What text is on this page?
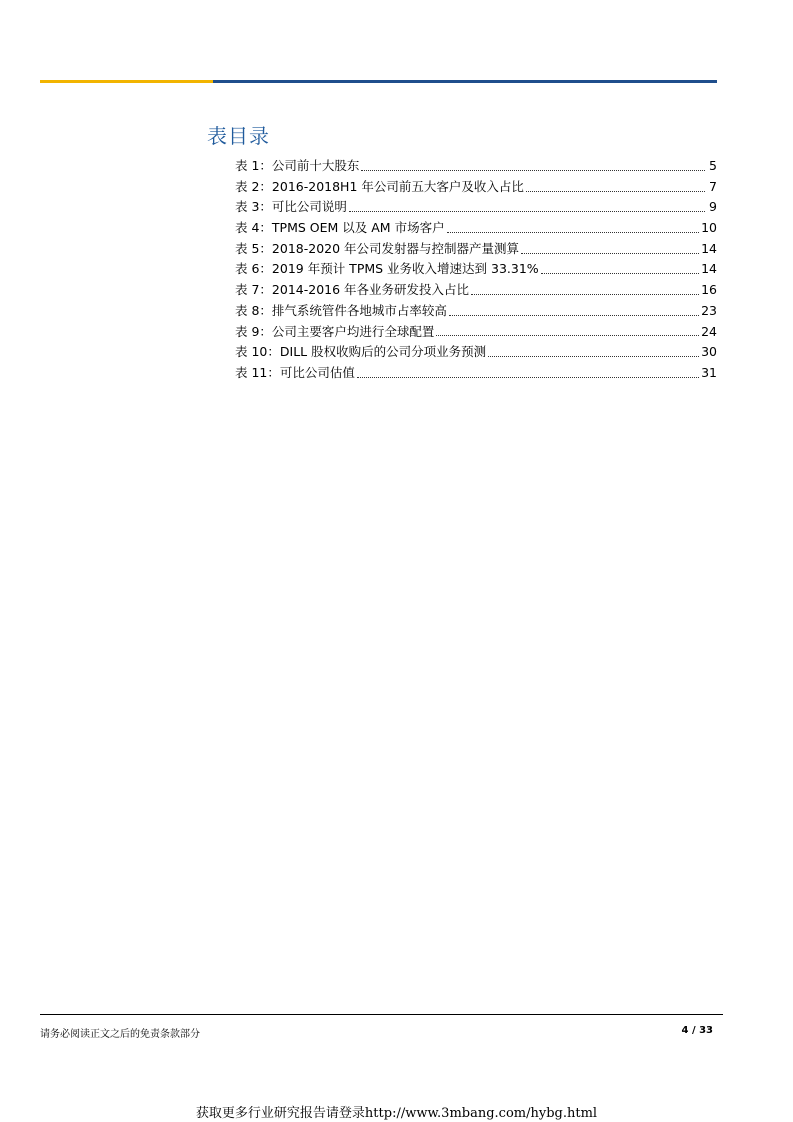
表目录
表 1：公司前十大股东	5
表 2：2016-2018H1 年公司前五大客户及收入占比	7
表 3：可比公司说明	9
表 4：TPMS OEM 以及 AM 市场客户	10
表 5：2018-2020 年公司发射器与控制器产量测算	14
表 6：2019 年预计 TPMS 业务收入增速达到 33.31%	14
表 7：2014-2016 年各业务研发投入占比	16
表 8：排气系统管件各地城市占率较高	23
表 9：公司主要客户均进行全球配置	24
表 10：DILL 股权收购后的公司分项业务预测	30
表 11：可比公司估值	31
请务必阅读正文之后的免责条款部分	4 / 33
获取更多行业研究报告请登录http://www.3mbang.com/hybg.html
